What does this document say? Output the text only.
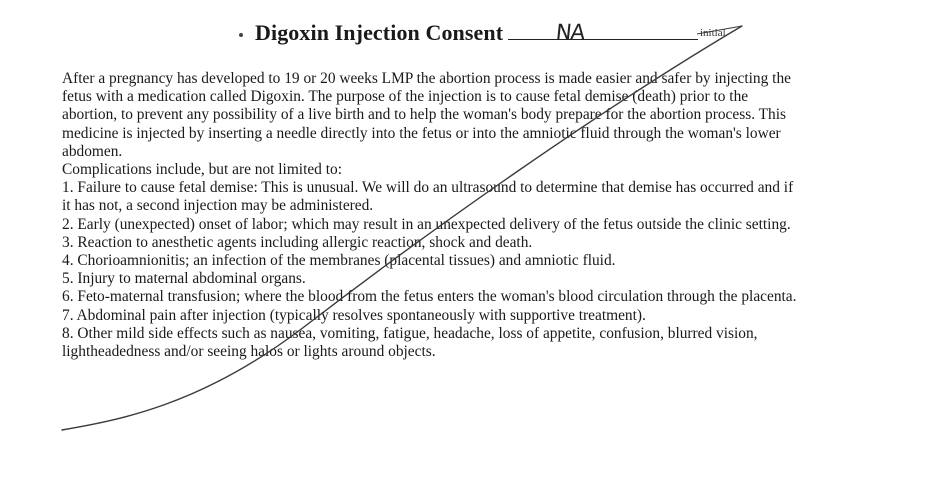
Digoxin Injection Consent NA	initial
After a pregnancy has developed to 19 or 20 weeks LMP the abortion process is made easier and safer by injecting the
fetus with a medication called Digoxin. The purpose of the injection is to cause fetal demise (death) prior to the
abortion, to prevent any possibility of a live birth and to help the woman's body prepare for the abortion process. This
medicine is injected by inserting a needle directly into the fetus or into the amniotic fluid through the woman's lower
abdomen.
Complications include, but are not limited to:
1. Failure to cause fetal demise: This is unusual. We will do an ultrasound to determine that demise has occurred and if
it has not, a second injection may be administered.
2. Early (unexpected) onset of labor; which may result in an unexpected delivery of the fetus outside the clinic setting.
3. Reaction to anesthetic agents including allergic reaction, shock and death.
4. Chorioamnionitis; an infection of the membranes (placental tissues) and amniotic fluid.
5. Injury to maternal abdominal organs.
6. Feto-maternal transfusion; where the blood from the fetus enters the woman's blood circulation through the placenta.
7. Abdominal pain after injection (typically resolves spontaneously with supportive treatment).
8. Other mild side effects such as nausea, vomiting, fatigue, headache, loss of appetite, confusion, blurred vision,
lightheadedness and/or seeing halos or lights around objects.
